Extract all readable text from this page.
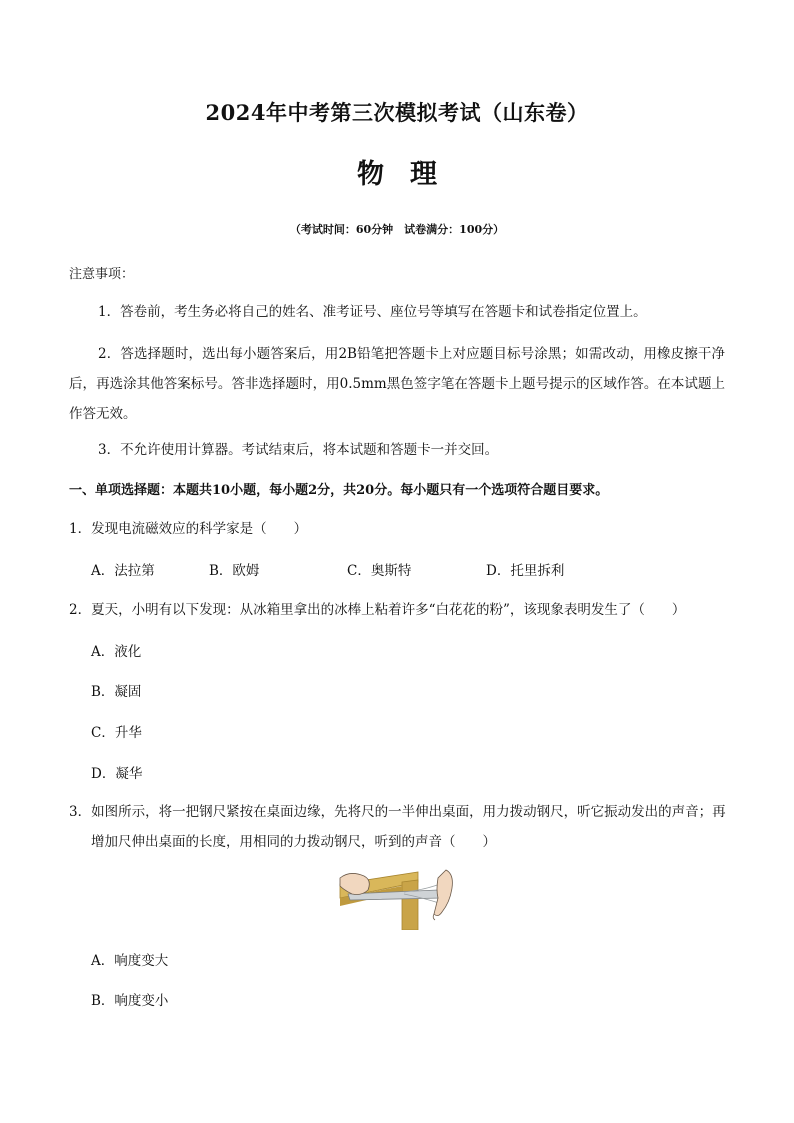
2024年中考第三次模拟考试（山东卷）
物理
（考试时间：60分钟　试卷满分：100分）
注意事项：
1．答卷前，考生务必将自己的姓名、准考证号、座位号等填写在答题卡和试卷指定位置上。
2．答选择题时，选出每小题答案后，用2B铅笔把答题卡上对应题目标号涂黑；如需改动，用橡皮擦干净后，再选涂其他答案标号。答非选择题时，用0.5mm黑色签字笔在答题卡上题号提示的区域作答。在本试题上作答无效。
3．不允许使用计算器。考试结束后，将本试题和答题卡一并交回。
一、单项选择题：本题共10小题，每小题2分，共20分。每小题只有一个选项符合题目要求。
1．发现电流磁效应的科学家是（　　）
A．法拉第	B．欧姆	C．奥斯特	D．托里拆利
2．夏天，小明有以下发现：从冰箱里拿出的冰棒上粘着许多“白花花的粉”，该现象表明发生了（　　）
A．液化
B．凝固
C．升华
D．凝华
3．如图所示，将一把钢尺紧按在桌面边缘，先将尺的一半伸出桌面，用力拨动钢尺，听它振动发出的声音；再增加尺伸出桌面的长度，用相同的力拨动钢尺，听到的声音（　　）
A．响度变大
B．响度变小
